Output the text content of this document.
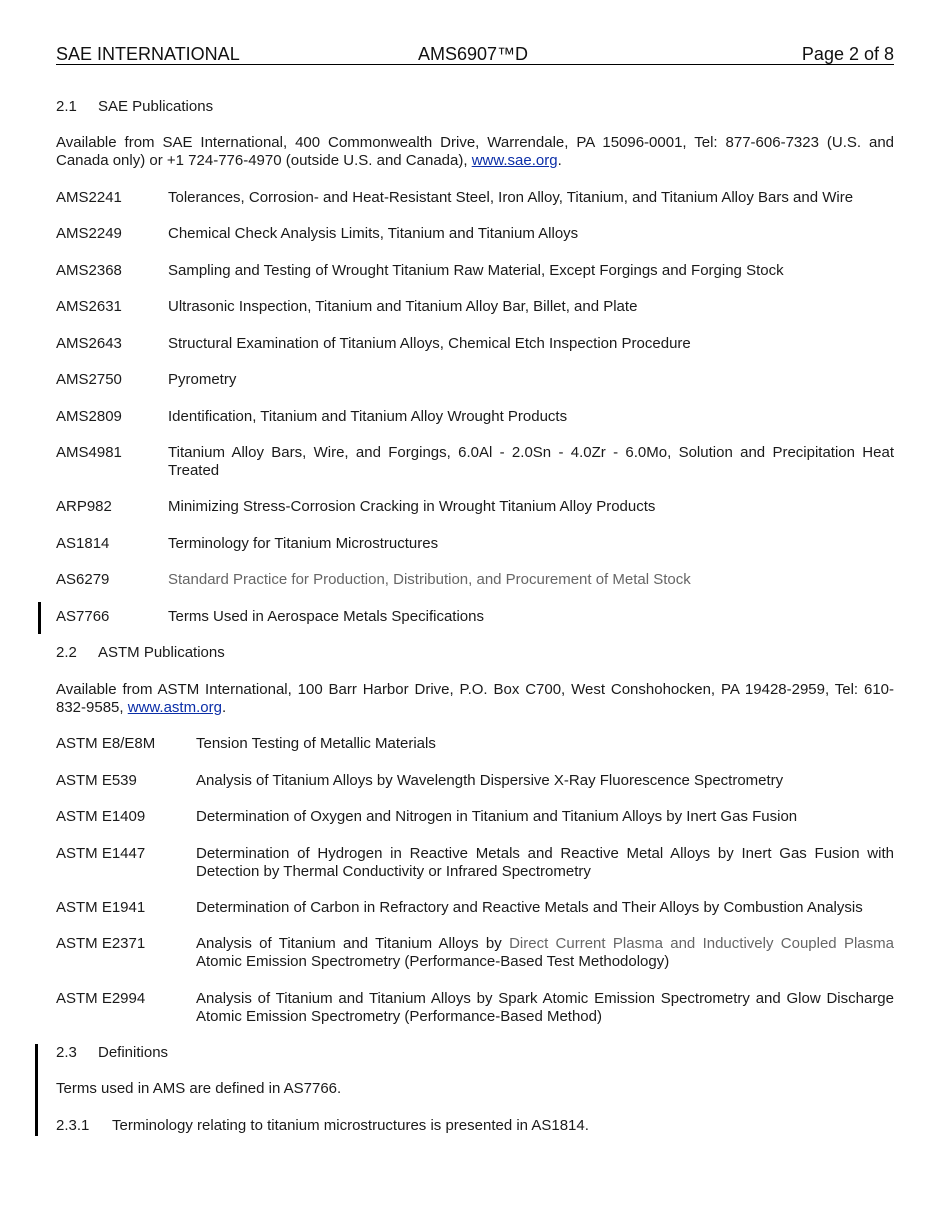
SAE INTERNATIONAL	AMS6907™D	Page 2 of 8
2.1 SAE Publications
Available from SAE International, 400 Commonwealth Drive, Warrendale, PA 15096-0001, Tel: 877-606-7323 (U.S. and Canada only) or +1 724-776-4970 (outside U.S. and Canada), www.sae.org.
AMS2241	Tolerances, Corrosion- and Heat-Resistant Steel, Iron Alloy, Titanium, and Titanium Alloy Bars and Wire
AMS2249	Chemical Check Analysis Limits, Titanium and Titanium Alloys
AMS2368	Sampling and Testing of Wrought Titanium Raw Material, Except Forgings and Forging Stock
AMS2631	Ultrasonic Inspection, Titanium and Titanium Alloy Bar, Billet, and Plate
AMS2643	Structural Examination of Titanium Alloys, Chemical Etch Inspection Procedure
AMS2750	Pyrometry
AMS2809	Identification, Titanium and Titanium Alloy Wrought Products
AMS4981	Titanium Alloy Bars, Wire, and Forgings, 6.0Al - 2.0Sn - 4.0Zr - 6.0Mo, Solution and Precipitation Heat Treated
ARP982	Minimizing Stress-Corrosion Cracking in Wrought Titanium Alloy Products
AS1814	Terminology for Titanium Microstructures
AS6279	Standard Practice for Production, Distribution, and Procurement of Metal Stock
AS7766	Terms Used in Aerospace Metals Specifications
2.2 ASTM Publications
Available from ASTM International, 100 Barr Harbor Drive, P.O. Box C700, West Conshohocken, PA 19428-2959, Tel: 610-832-9585, www.astm.org.
ASTM E8/E8M	Tension Testing of Metallic Materials
ASTM E539	Analysis of Titanium Alloys by Wavelength Dispersive X-Ray Fluorescence Spectrometry
ASTM E1409	Determination of Oxygen and Nitrogen in Titanium and Titanium Alloys by Inert Gas Fusion
ASTM E1447	Determination of Hydrogen in Reactive Metals and Reactive Metal Alloys by Inert Gas Fusion with Detection by Thermal Conductivity or Infrared Spectrometry
ASTM E1941	Determination of Carbon in Refractory and Reactive Metals and Their Alloys by Combustion Analysis
ASTM E2371	Analysis of Titanium and Titanium Alloys by Direct Current Plasma and Inductively Coupled Plasma Atomic Emission Spectrometry (Performance-Based Test Methodology)
ASTM E2994	Analysis of Titanium and Titanium Alloys by Spark Atomic Emission Spectrometry and Glow Discharge Atomic Emission Spectrometry (Performance-Based Method)
2.3 Definitions
Terms used in AMS are defined in AS7766.
2.3.1 Terminology relating to titanium microstructures is presented in AS1814.
